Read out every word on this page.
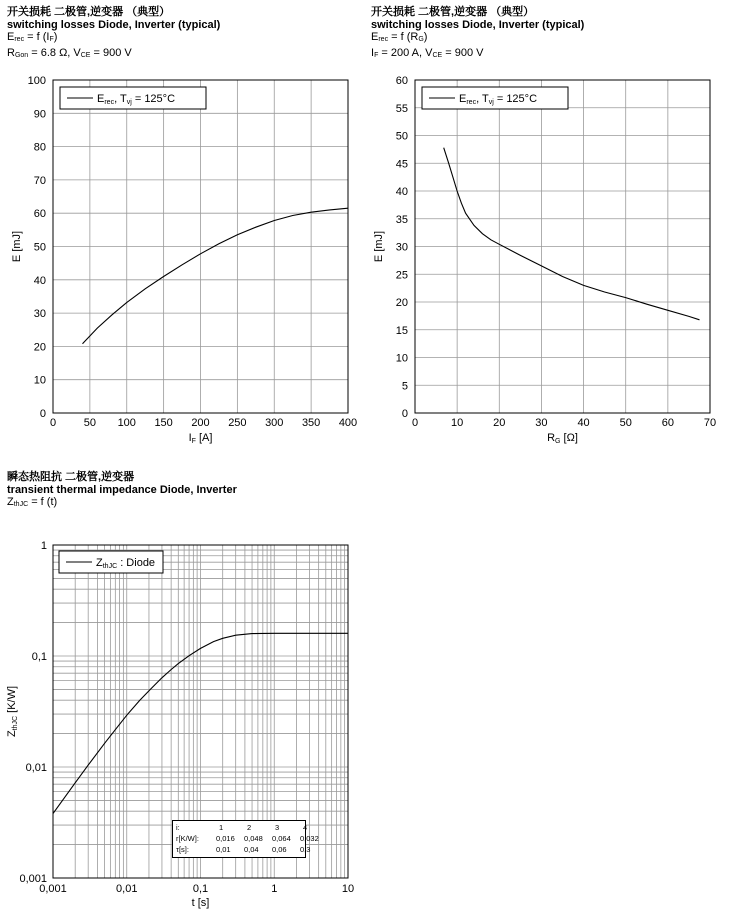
开关损耗 二极管,逆变器 （典型）
switching losses Diode, Inverter (typical)
$E_{rec} = f$ $(I_F)$
$R_{Gon} = 6.8$ Ω, $V_{CE} = 900$ V
开关损耗 二极管,逆变器 （典型）
switching losses Diode, Inverter (typical)
$E_{rec} = f$ $(R_G)$
$I_F = 200$ A, $V_{CE} = 900$ V
瞬态热阻抗 二极管,逆变器
transient thermal impedance Diode, Inverter
$Z_{thJC} = f$ (t)
0	50 100 150 200 250 300 350 400
0
10
20
30
40
50
60
70
80
90
100
IF [A]
E [mJ]
Erec, Tvj = 125°C
0	10	20	30	40	50	60	70
0
5
10
15
20
25
30
35
40
45
50
55
60
RG [Ω]
E [mJ]
Erec, Tvj = 125°C
0,001	0,01	0,1	1	10
0,001
0,01
0,1
1
t [s]
ZthJC [K/W]
ZthJC : Diode
i:	1	2	3	4
r[K/W]: 0,016 0,048 0,064 0,032
τ[s]:	0,01 0,04 0,06 0,3
